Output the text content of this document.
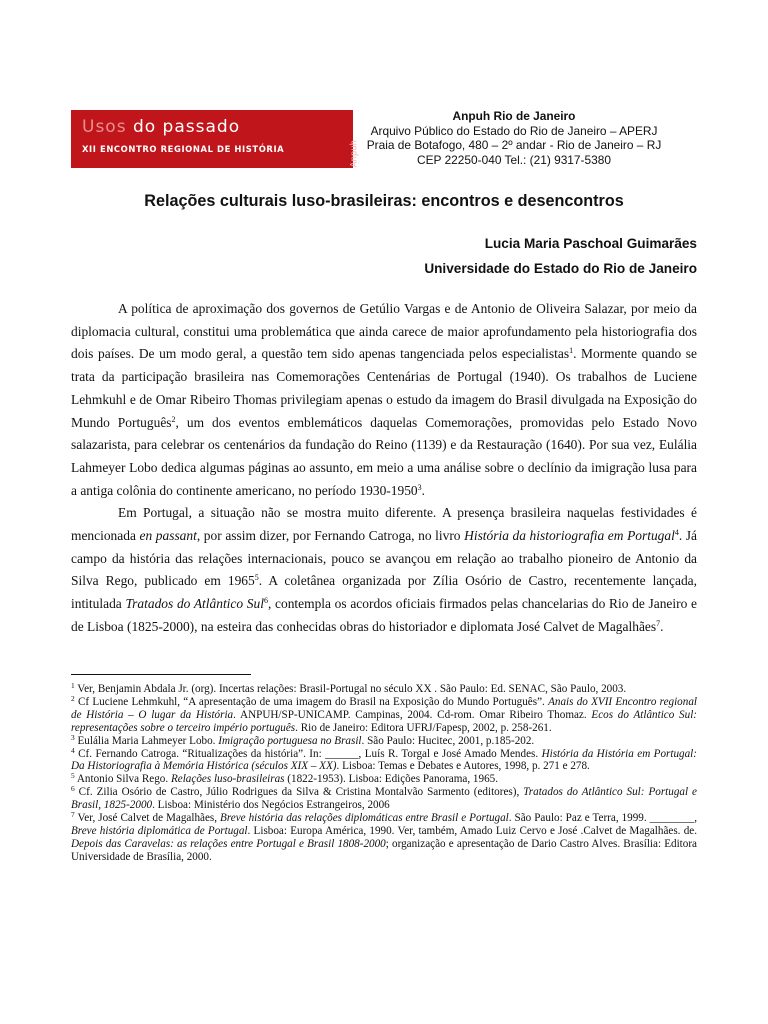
Usos do passado
XII ENCONTRO REGIONAL DE HISTÓRIA	Anpuh
Anpuh Rio de Janeiro
Arquivo Público do Estado do Rio de Janeiro – APERJ
Praia de Botafogo, 480 – 2º andar - Rio de Janeiro – RJ
CEP 22250-040 Tel.: (21) 9317-5380
Relações culturais luso-brasileiras: encontros e desencontros
Lucia Maria Paschoal Guimarães
Universidade do Estado do Rio de Janeiro

A política de aproximação dos governos de Getúlio Vargas e de Antonio de Oliveira Salazar, por meio da diplomacia cultural, constitui uma problemática que ainda carece de maior aprofundamento pela historiografia dos dois países. De um modo geral, a questão tem sido apenas tangenciada pelos especialistas$^1$. Mormente quando se trata da participação brasileira nas Comemorações Centenárias de Portugal (1940). Os trabalhos de Luciene Lehmkuhl e de Omar Ribeiro Thomas privilegiam apenas o estudo da imagem do Brasil divulgada na Exposição do Mundo Português$^2$, um dos eventos emblemáticos daquelas Comemorações, promovidas pelo Estado Novo salazarista, para celebrar os centenários da fundação do Reino (1139) e da Restauração (1640). Por sua vez, Eulália Lahmeyer Lobo dedica algumas páginas ao assunto, em meio a uma análise sobre o declínio da imigração lusa para a antiga colônia do continente americano, no período 1930-1950$^3$.

Em Portugal, a situação não se mostra muito diferente. A presença brasileira naquelas festividades é mencionada en passant, por assim dizer, por Fernando Catroga, no livro História da historiografia em Portugal$^4$. Já campo da história das relações internacionais, pouco se avançou em relação ao trabalho pioneiro de Antonio da Silva Rego, publicado em 1965$^5$. A coletânea organizada por Zília Osório de Castro, recentemente lançada, intitulada Tratados do Atlântico Sul$^6$, contempla os acordos oficiais firmados pelas chancelarias do Rio de Janeiro e de Lisboa (1825-2000), na esteira das conhecidas obras do historiador e diplomata José Calvet de Magalhães$^7$.

$^1$ Ver, Benjamin Abdala Jr. (org). Incertas relações: Brasil-Portugal no século XX . São Paulo: Ed. SENAC, São Paulo, 2003.

$^2$ Cf Luciene Lehmkuhl, “A apresentação de uma imagem do Brasil na Exposição do Mundo Português”. Anais do XVII Encontro regional de História – O lugar da História. ANPUH/SP-UNICAMP. Campinas, 2004. Cd-rom. Omar Ribeiro Thomaz. Ecos do Atlântico Sul: representações sobre o terceiro império português. Rio de Janeiro: Editora UFRJ/Fapesp, 2002, p. 258-261.

$^3$ Eulália Maria Lahmeyer Lobo. Imigração portuguesa no Brasil. São Paulo: Hucitec, 2001, p.185-202.

$^4$ Cf. Fernando Catroga. “Ritualizações da história”. In: ______, Luís R. Torgal e José Amado Mendes. História da História em Portugal: Da Historiografia à Memória Histórica (séculos XIX – XX). Lisboa: Temas e Debates e Autores, 1998, p. 271 e 278.

$^5$ Antonio Silva Rego. Relações luso-brasileiras (1822-1953). Lisboa: Edições Panorama, 1965.

$^6$ Cf. Zilia Osório de Castro, Júlio Rodrigues da Silva & Cristina Montalvão Sarmento (editores), Tratados do Atlântico Sul: Portugal e Brasil, 1825-2000. Lisboa: Ministério dos Negócios Estrangeiros, 2006

$^7$ Ver, José Calvet de Magalhães, Breve história das relações diplomáticas entre Brasil e Portugal. São Paulo: Paz e Terra, 1999. ________, Breve história diplomática de Portugal. Lisboa: Europa América, 1990. Ver, também, Amado Luiz Cervo e José .Calvet de Magalhães. de. Depois das Caravelas: as relações entre Portugal e Brasil 1808-2000; organização e apresentação de Dario Castro Alves. Brasília: Editora Universidade de Brasília, 2000.
